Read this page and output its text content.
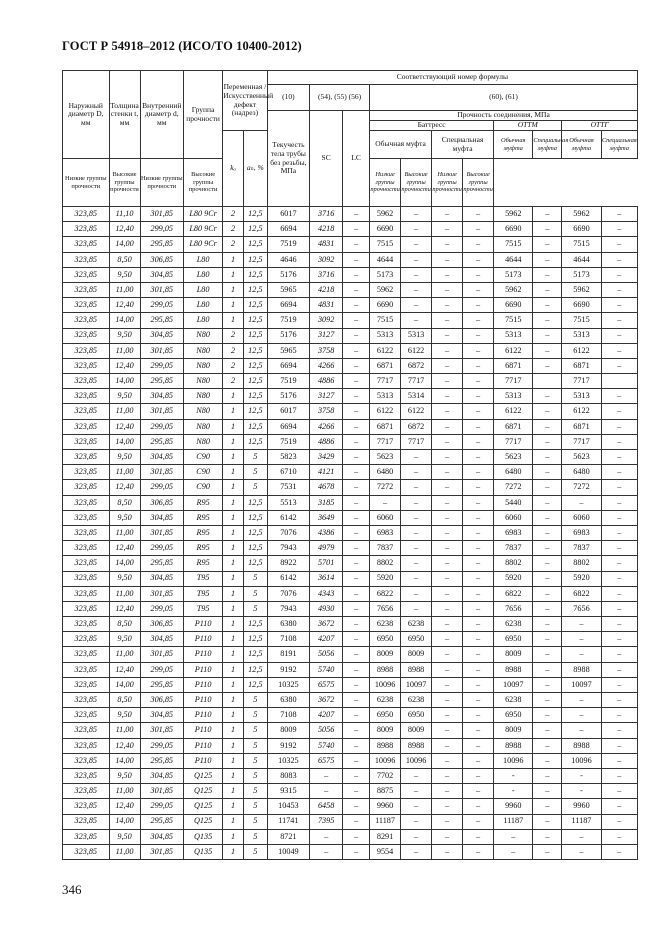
ГОСТ Р 54918–2012 (ИСО/ТО 10400-2012)
Наружный диаметр D, мм	Толщина стенки t, мм	Внутренний диаметр d, мм	Группа прочности	Переменная /Искусственный дефект (надрез)		Соответствующий номер формулы										
						(10)	(54), (55) (56)		(60), (61)							
						Текучесть тела трубы без резьбы, МПа	SC	LC	Прочность соединения, МПа							
									Баттресс				ОТТМ		ОТТГ	
				kₐ	aₙ, %				Обычная муфта		Специальная муфта		Обычная муфта	Специальная муфта	Обычная муфта	Специальная муфта
Низкие группы прочности	Высокие группы прочности	Низкие группы прочности	Высокие группы прочности						Низкие группы прочности	Высокие группы прочности	Низкие группы прочности	Высокие группы прочности				
323,85	11,10	301,85	L80 9Cr	2	12,5	6017	3716	–	5962	–	–	–	5962	–	5962	–
323,85	12,40	299,05	L80 9Cr	2	12,5	6694	4218	–	6690	–	–	–	6690	–	6690	–
323,85	14,00	295,85	L80 9Cr	2	12,5	7519	4831	–	7515	–	–	–	7515	–	7515	–
323,85	8,50	306,85	L80	1	12,5	4646	3092	–	4644	–	–	–	4644	–	4644	–
323,85	9,50	304,85	L80	1	12,5	5176	3716	–	5173	–	–	–	5173	–	5173	–
323,85	11,00	301,85	L80	1	12,5	5965	4218	–	5962	–	–	–	5962	–	5962	–
323,85	12,40	299,05	L80	1	12,5	6694	4831	–	6690	–	–	–	6690	–	6690	–
323,85	14,00	295,85	L80	1	12,5	7519	3092	–	7515	–	–	–	7515	–	7515	–
323,85	9,50	304,85	N80	2	12,5	5176	3127	–	5313	5313	–	–	5313	–	5313	–
323,85	11,00	301,85	N80	2	12,5	5965	3758	–	6122	6122	–	–	6122	–	6122	–
323,85	12,40	299,05	N80	2	12,5	6694	4266	–	6871	6872	–	–	6871	–	6871	–
323,85	14,00	295,85	N80	2	12,5	7519	4886	–	7717	7717	–	–	7717		7717	
323,85	9,50	304,85	N80	1	12,5	5176	3127	–	5313	5314	–	–	5313	–	5313	–
323,85	11,00	301,85	N80	1	12,5	6017	3758	–	6122	6122	–	–	6122	–	6122	–
323,85	12,40	299,05	N80	1	12,5	6694	4266	–	6871	6872	–	–	6871	–	6871	–
323,85	14,00	295,85	N80	1	12,5	7519	4886	–	7717	7717	–	–	7717	–	7717	–
323,85	9,50	304,85	C90	1	5	5823	3429	–	5623	–	–	–	5623	–	5623	–
323,85	11,00	301,85	C90	1	5	6710	4121	–	6480	–	–	–	6480	–	6480	–
323,85	12,40	299,05	C90	1	5	7531	4678	–	7272	–	–	–	7272	–	7272	–
323,85	8,50	306,85	R95	1	12,5	5513	3185	–	–	–	–	–	5440	–	–	–
323,85	9,50	304,85	R95	1	12,5	6142	3649	–	6060	–	–	–	6060	–	6060	–
323,85	11,00	301,85	R95	1	12,5	7076	4386	–	6983	–	–	–	6983	–	6983	–
323,85	12,40	299,05	R95	1	12,5	7943	4979	–	7837	–	–	–	7837	–	7837	–
323,85	14,00	295,85	R95	1	12,5	8922	5701	–	8802	–	–	–	8802	–	8802	–
323,85	9,50	304,85	T95	1	5	6142	3614	–	5920	–	–	–	5920	–	5920	–
323,85	11,00	301,85	T95	1	5	7076	4343	–	6822	–	–	–	6822	–	6822	–
323,85	12,40	299,05	T95	1	5	7943	4930	–	7656	–	–	–	7656	–	7656	–
323,85	8,50	306,85	P110	1	12,5	6380	3672	–	6238	6238	–	–	6238	–	–	–
323,85	9,50	304,85	P110	1	12,5	7108	4207	–	6950	6950	–	–	6950	–	–	–
323,85	11,00	301,85	P110	1	12,5	8191	5056	–	8009	8009	–	–	8009	–	–	–
323,85	12,40	299,05	P110	1	12,5	9192	5740	–	8988	8988	–	–	8988	–	8988	–
323,85	14,00	295,85	P110	1	12,5	10325	6575	–	10096	10097	–	–	10097	–	10097	–
323,85	8,50	306,85	P110	1	5	6380	3672	–	6238	6238	–	–	6238	–	–	–
323,85	9,50	304,85	P110	1	5	7108	4207	–	6950	6950	–	–	6950	–	–	–
323,85	11,00	301,85	P110	1	5	8009	5056	–	8009	8009	–	–	8009	–	–	–
323,85	12,40	299,05	P110	1	5	9192	5740	–	8988	8988	–	–	8988	–	8988	–
323,85	14,00	295,85	P110	1	5	10325	6575	–	10096	10096	–	–	10096	–	10096	–
323,85	9,50	304,85	Q125	1	5	8083	–	–	7702	–	–	–	-	–	-	–
323,85	11,00	301,85	Q125	1	5	9315	–	–	8875	–	–	–	-	–	-	–
323,85	12,40	299,05	Q125	1	5	10453	6458	–	9960	–	–	–	9960	–	9960	–
323,85	14,00	295,85	Q125	1	5	11741	7395	–	11187	–	–	–	11187	–	11187	–
323,85	9,50	304,85	Q135	1	5	8721	–	–	8291	–	–	–	–	–	–	–
323,85	11,00	301,85	Q135	1	5	10049	–	–	9554	–	–	–	–	–	–	–
346
